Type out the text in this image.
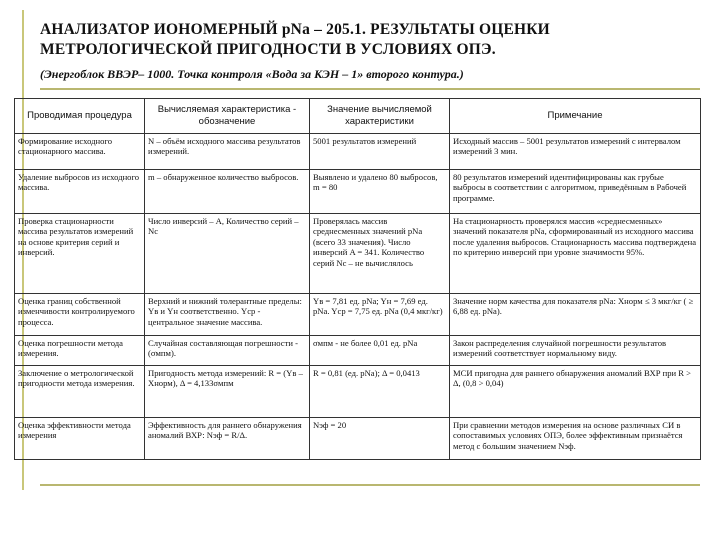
АНАЛИЗАТОР ИОНОМЕРНЫЙ pNa – 205.1. РЕЗУЛЬТАТЫ ОЦЕНКИ МЕТРОЛОГИЧЕСКОЙ ПРИГОДНОСТИ В УСЛОВИЯХ ОПЭ.
(Энергоблок ВВЭР– 1000. Точка контроля «Вода за КЭН – 1» второго контура.)
Проводимая процедура	Вычисляемая характеристика - обозначение	Значение вычисляемой характеристики	Примечание
Формирование исходного стационарного массива.	N – объём исходного массива результатов измерений.	5001 результатов измерений	Исходный массив – 5001 результатов измерений с интервалом измерений 3 мин.
Удаление выбросов из исходного массива.	m – обнаруженное количество выбросов.	Выявлено и удалено 80 выбросов, m = 80	80 результатов измерений идентифицированы как грубые выбросы в соответствии с алгоритмом, приведённым в Рабочей программе.
Проверка стационарности массива результатов измерений на основе критерия серий и инверсий.	Число инверсий – A, Количество серий – Nс	Проверялась массив среднесменных значений pNa (всего 33 значения). Число инверсий A = 341. Количество серий Nс – не вычислялось	На стационарность проверялся массив «среднесменных» значений показателя pNa, сформированный из исходного массива после удаления выбросов. Стационарность массива подтверждена по критерию инверсий при уровне значимости 95%.
Оценка границ собственной изменчивости контролируемого процесса.	Верхний и нижний толерантные пределы: Yв и Yн соответственно. Yср - центральное значение массива.	Yв = 7,81 ед. pNa; Yн = 7,69 ед. pNa. Yср = 7,75 ед. pNa (0,4 мкг/кг)	Значение норм качества для показателя pNa: Xнорм ≤ 3 мкг/кг ( ≥ 6,88 ед. pNa).
Оценка погрешности метода измерения.	Случайная составляющая погрешности - (σмпм).	σмпм - не более 0,01 ед. pNa	Закон распределения случайной погрешности результатов измерений соответствует нормальному виду.
Заключение о метрологической пригодности метода измерения.	Пригодность метода измерений: R = (Yв – Xнорм), Δ = 4,133σмпм	R = 0,81 (ед. pNa); Δ = 0,0413	МСИ пригодна для раннего обнаружения аномалий ВХР при R > Δ, (0,8 > 0,04)
Оценка эффективности метода измерения	Эффективность для раннего обнаружения аномалий ВХР: Nэф = R/Δ.	Nэф = 20	При сравнении методов измерения на основе различных СИ в сопоставимых условиях ОПЭ, более эффективным признаётся метод с большим значением Nэф.
